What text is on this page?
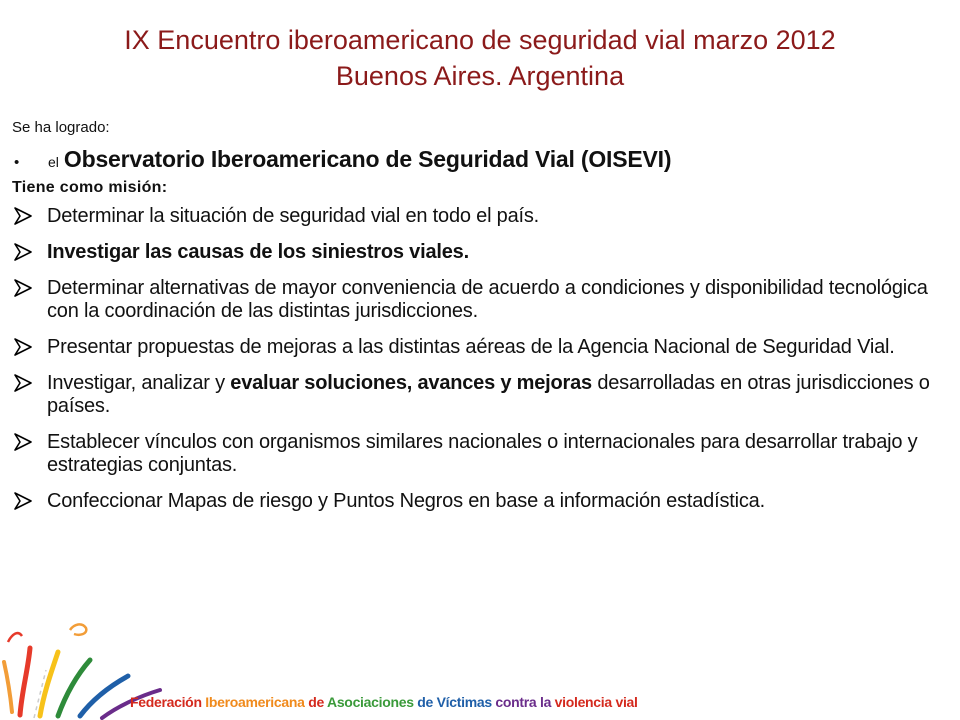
IX Encuentro iberoamericano de seguridad vial marzo 2012
Buenos Aires. Argentina

Se ha logrado:

•	el Observatorio Iberoamericano de Seguridad Vial (OISEVI)

Tiene como misión:

Determinar la situación de seguridad vial en todo el país.
Investigar las causas de los siniestros viales.
Determinar alternativas de mayor conveniencia de acuerdo a condiciones y disponibilidad tecnológica con la coordinación de las distintas jurisdicciones.
Presentar propuestas de mejoras a las distintas aéreas de la Agencia Nacional de Seguridad Vial.
Investigar, analizar y evaluar soluciones, avances y mejoras desarrolladas en otras jurisdicciones o países.
Establecer vínculos con organismos similares nacionales o internacionales para desarrollar trabajo y estrategias conjuntas.
Confeccionar Mapas de riesgo y Puntos Negros en base a información estadística.
Federación Iberoamericana de Asociaciones de Víctimas contra la violencia vial
